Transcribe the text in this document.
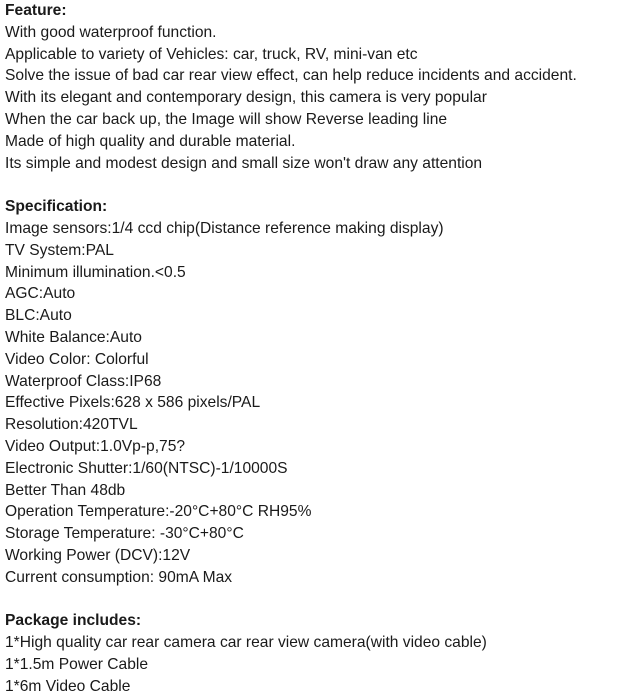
Feature:
With good waterproof function.
Applicable to variety of Vehicles: car, truck, RV, mini-van etc
Solve the issue of bad car rear view effect, can help reduce incidents and accident.
With its elegant and contemporary design, this camera is very popular
When the car back up, the Image will show Reverse leading line
Made of high quality and durable material.
Its simple and modest design and small size won't draw any attention
Specification:
Image sensors:1/4 ccd chip(Distance reference making display)
TV System:PAL
Minimum illumination.<0.5
AGC:Auto
BLC:Auto
White Balance:Auto
Video Color: Colorful
Waterproof Class:IP68
Effective Pixels:628 x 586 pixels/PAL
Resolution:420TVL
Video Output:1.0Vp-p,75?
Electronic Shutter:1/60(NTSC)-1/10000S
Better Than 48db
Operation Temperature:-20°C+80°C RH95%
Storage Temperature: -30°C+80°C
Working Power (DCV):12V
Current consumption: 90mA Max
Package includes:
1*High quality car rear camera car rear view camera(with video cable)
1*1.5m Power Cable
1*6m Video Cable
